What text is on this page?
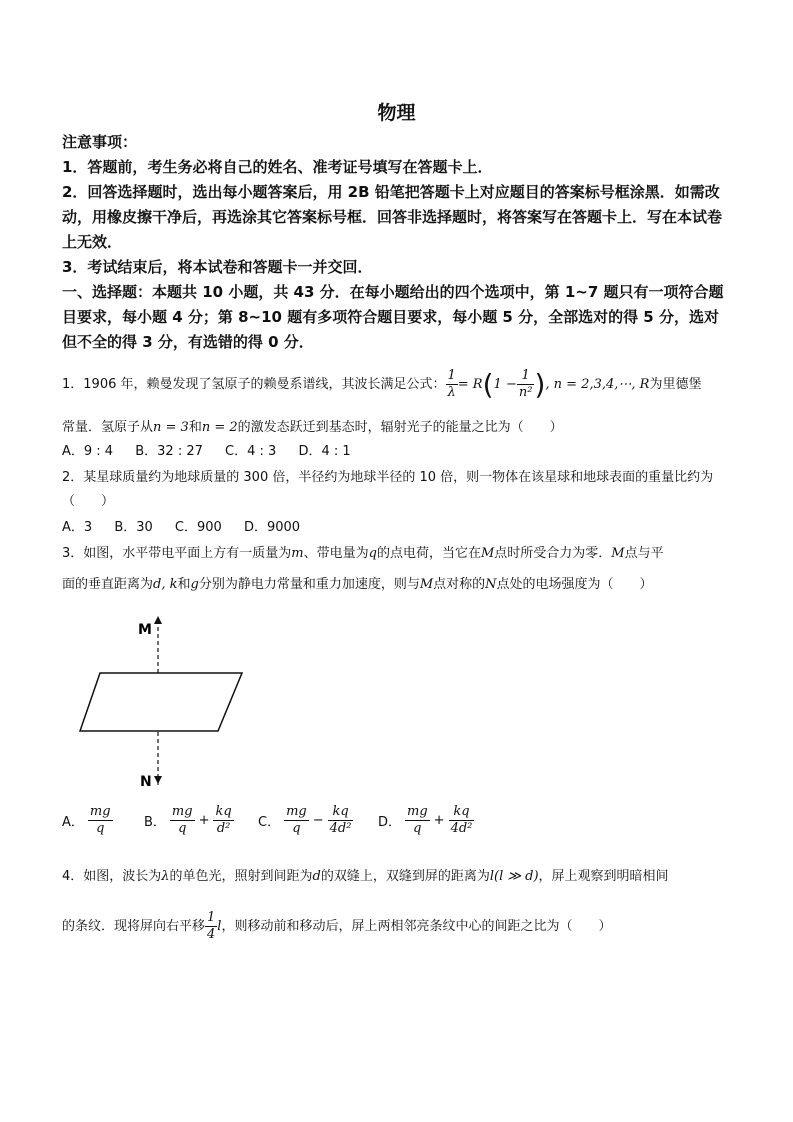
物理
注意事项：
1．答题前，考生务必将自己的姓名、准考证号填写在答题卡上．
2．回答选择题时，选出每小题答案后，用 2B 铅笔把答题卡上对应题目的答案标号框涂黑．如需改动，用橡皮擦干净后，再选涂其它答案标号框．回答非选择题时，将答案写在答题卡上．写在本试卷上无效．
3．考试结束后，将本试卷和答题卡一并交回．
一、选择题：本题共 10 小题，共 43 分．在每小题给出的四个选项中，第 1~7 题只有一项符合题目要求，每小题 4 分；第 8~10 题有多项符合题目要求，每小题 5 分，全部选对的得 5 分，选对但不全的得 3 分，有选错的得 0 分．
1．1906 年，赖曼发现了氢原子的赖曼系谱线，其波长满足公式： $\frac{1}{\lambda} = R$ ( $1 - \frac{1}{\text{n²}}$ ) , n = 2,3,4,⋯, R 为里德堡
常量．氢原子从n = 3和n = 2的激发态跃迁到基态时，辐射光子的能量之比为（　　）
A．9 : 4 B．32 : 27 C．4 : 3 D．4 : 1
2．某星球质量约为地球质量的 300 倍，半径约为地球半径的 10 倍，则一物体在该星球和地球表面的重量比约为（　　）
A．3 B．30 C．900 D．9000
3．如图，水平带电平面上方有一质量为m、带电量为q的点电荷，当它在M点时所受合力为零．M点与平
面的垂直距离为d, k和g分别为静电力常量和重力加速度，则与M点对称的N点处的电场强度为（　　）
M
N
A． $\frac{mg}{q}$ B． $\frac{mg}{q} + \frac{kq}{\text{d²}}$ C． $\frac{mg}{q} - \frac{kq}{\text{4d²}}$ D． $\frac{mg}{q} + \frac{kq}{\text{4d²}}$
4．如图，波长为λ的单色光，照射到间距为d的双缝上，双缝到屏的距离为l(l ≫ d)，屏上观察到明暗相间
的条纹．现将屏向右平移 $\frac{1}{4}$ l ，则移动前和移动后，屏上两相邻亮条纹中心的间距之比为（　　）
